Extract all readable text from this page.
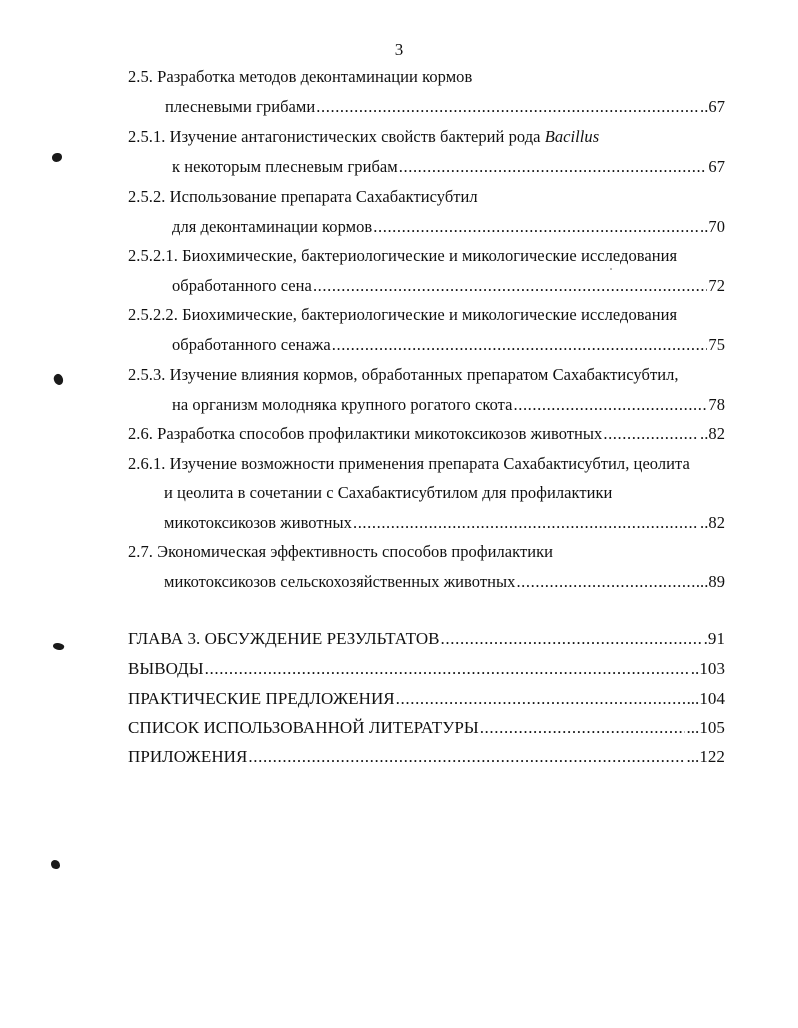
3
2.5. Разработка методов деконтаминации кормов
плесневыми грибами .....	..67
2.5.1. Изучение антагонистических свойств бактерий рода Bacillus
к некоторым плесневым грибам .....	67
2.5.2. Использование препарата Сахабактисубтил
для деконтаминации кормов .....	..70
2.5.2.1. Биохимические, бактериологические и микологические исследования
обработанного сена .....	72
2.5.2.2. Биохимические, бактериологические и микологические исследования
обработанного сенажа .....	75
2.5.3. Изучение влияния кормов, обработанных препаратом Сахабактисубтил,
на организм молодняка крупного рогатого скота .....	78
2.6. Разработка способов профилактики микотоксикозов животных .....	..82
2.6.1. Изучение возможности применения препарата Сахабактисубтил, цеолита
и цеолита в сочетании с Сахабактисубтилом для профилактики
микотоксикозов животных .....	..82
2.7. Экономическая эффективность способов профилактики
микотоксикозов сельскохозяйственных животных .....	...89
ГЛАВА 3. ОБСУЖДЕНИЕ РЕЗУЛЬТАТОВ .....	.91
ВЫВОДЫ .....	..103
ПРАКТИЧЕСКИЕ ПРЕДЛОЖЕНИЯ .....	..104
СПИСОК ИСПОЛЬЗОВАННОЙ ЛИТЕРАТУРЫ .....	...105
ПРИЛОЖЕНИЯ .....	...122
